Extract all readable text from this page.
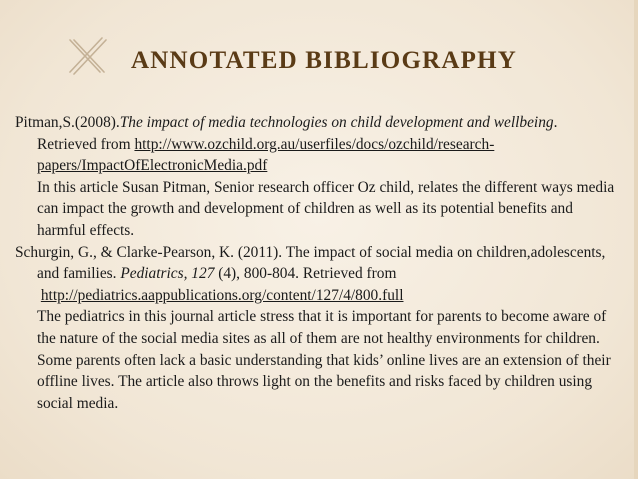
ANNOTATED BIBLIOGRAPHY
Pitman,S.(2008).The impact of media technologies on child development and wellbeing. Retrieved from http://www.ozchild.org.au/userfiles/docs/ozchild/research-papers/ImpactOfElectronicMedia.pdf
In this article Susan Pitman, Senior research officer Oz child, relates the different ways media can impact the growth and development of children as well as its potential benefits and harmful effects.
Schurgin, G., & Clarke-Pearson, K. (2011). The impact of social media on children,adolescents, and families. Pediatrics, 127 (4), 800-804. Retrieved from  http://pediatrics.aappublications.org/content/127/4/800.full
The pediatrics in this journal article stress that it is important for parents to become aware of the nature of the social media sites as all of them are not healthy environments for children. Some parents often lack a basic understanding that kids’ online lives are an extension of their offline lives. The article also throws light on the benefits and risks faced by children using social media.
